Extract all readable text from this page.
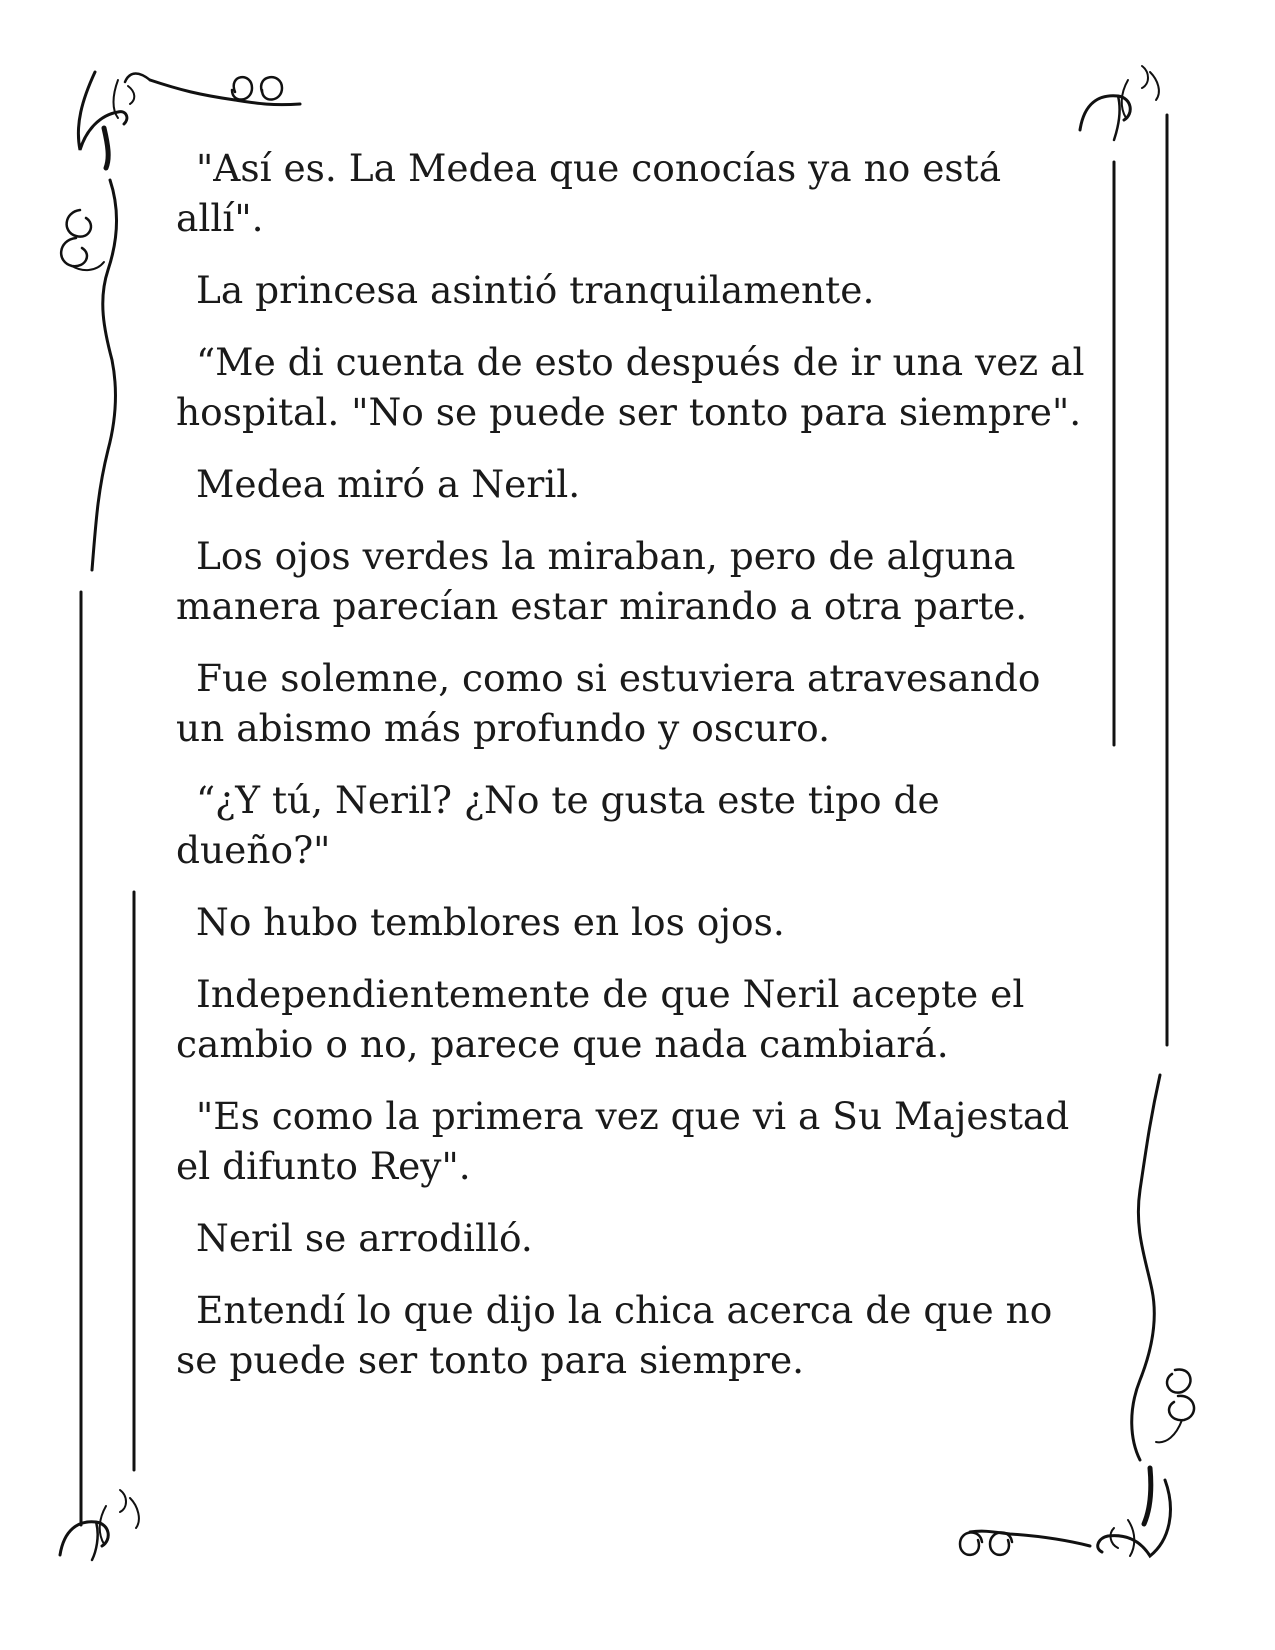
"Así es. La Medea que conocías ya no está allí".

La princesa asintió tranquilamente.

“Me di cuenta de esto después de ir una vez al hospital. "No se puede ser tonto para siempre".

Medea miró a Neril.

Los ojos verdes la miraban, pero de alguna manera parecían estar mirando a otra parte.

Fue solemne, como si estuviera atravesando un abismo más profundo y oscuro.

“¿Y tú, Neril? ¿No te gusta este tipo de dueño?"

No hubo temblores en los ojos.

Independientemente de que Neril acepte el cambio o no, parece que nada cambiará.

"Es como la primera vez que vi a Su Majestad el difunto Rey".

Neril se arrodilló.

Entendí lo que dijo la chica acerca de que no se puede ser tonto para siempre.
